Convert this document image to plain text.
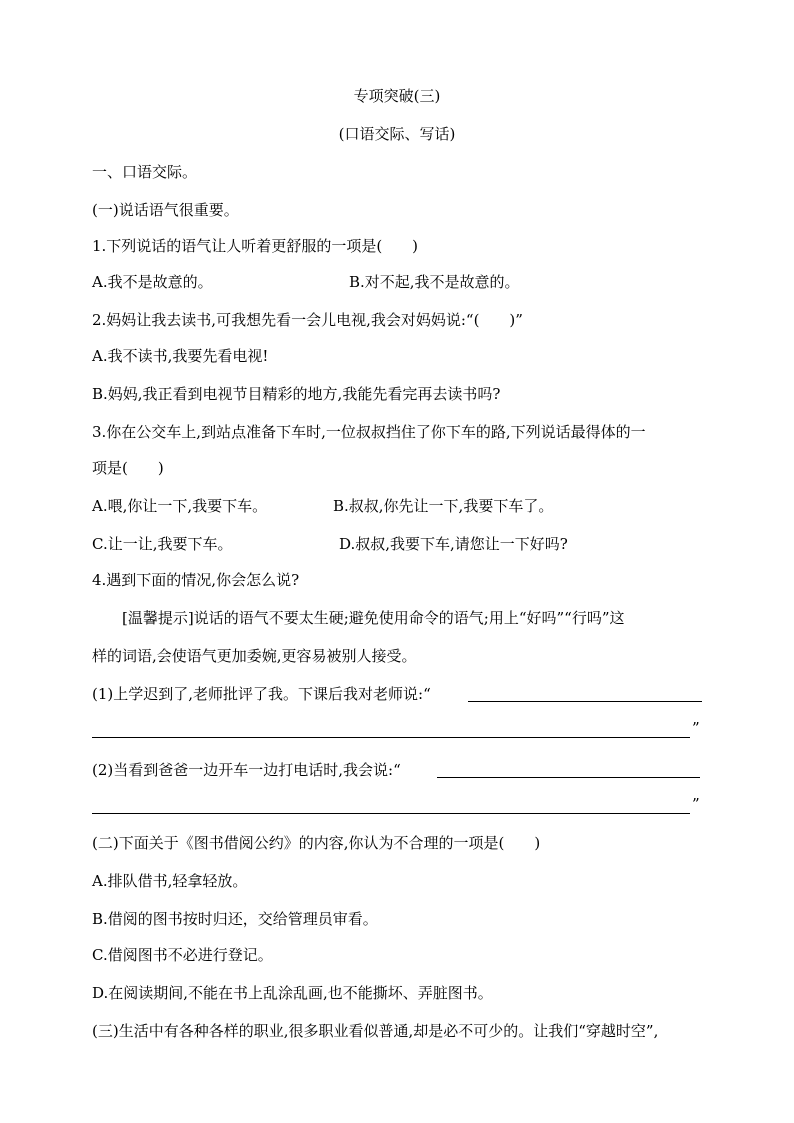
专项突破(三)
(口语交际、写话)
一、口语交际。
(一)说话语气很重要。
1.下列说话的语气让人听着更舒服的一项是(　　)
A.我不是故意的。	B.对不起,我不是故意的。
2.妈妈让我去读书,可我想先看一会儿电视,我会对妈妈说:“(　　)”
A.我不读书,我要先看电视!
B.妈妈,我正看到电视节目精彩的地方,我能先看完再去读书吗?
3.你在公交车上,到站点准备下车时,一位叔叔挡住了你下车的路,下列说话最得体的一
项是(　　)
A.喂,你让一下,我要下车。	B.叔叔,你先让一下,我要下车了。
C.让一让,我要下车。	D.叔叔,我要下车,请您让一下好吗?
4.遇到下面的情况,你会怎么说?
[温馨提示]说话的语气不要太生硬;避免使用命令的语气;用上“好吗”“行吗”这
样的词语,会使语气更加委婉,更容易被别人接受。
(1)上学迟到了,老师批评了我。下课后我对老师说:“
”
(2)当看到爸爸一边开车一边打电话时,我会说:“
”
(二)下面关于《图书借阅公约》的内容,你认为不合理的一项是(　　)
A.排队借书,轻拿轻放。
B.借阅的图书按时归还，交给管理员审看。
C.借阅图书不必进行登记。
D.在阅读期间,不能在书上乱涂乱画,也不能撕坏、弄脏图书。
(三)生活中有各种各样的职业,很多职业看似普通,却是必不可少的。让我们“穿越时空”,
